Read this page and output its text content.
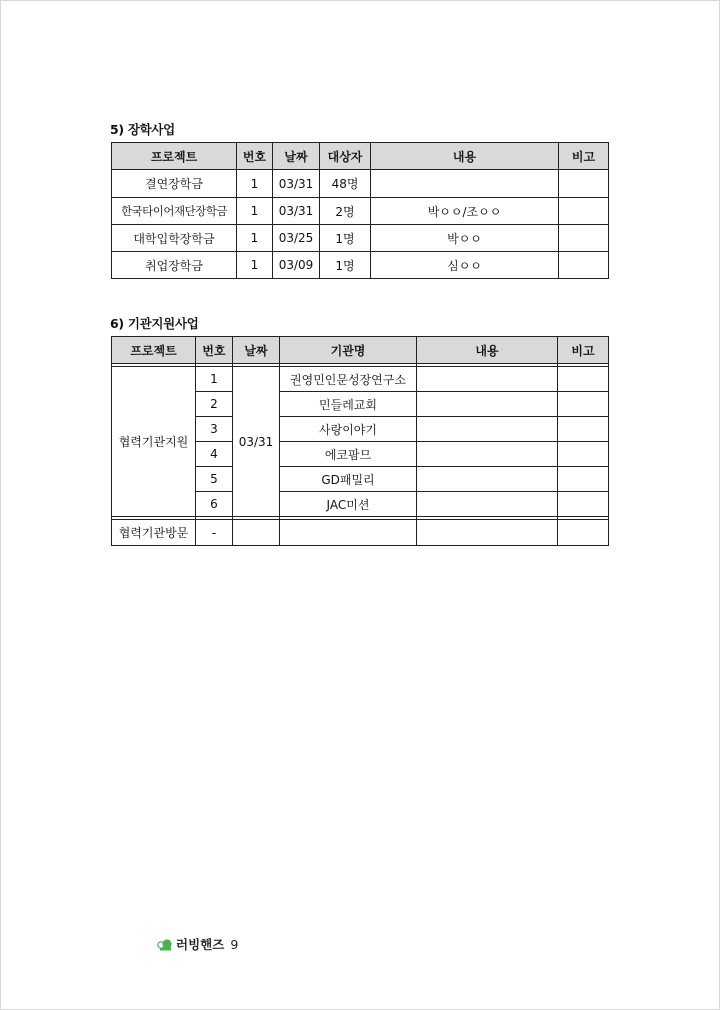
5) 장학사업
프로젝트	번호	날짜	대상자	내용	비고
결연장학금	1	03/31	48명		
한국타이어재단장학금	1	03/31	2명	박ㅇㅇ/조ㅇㅇ	
대학입학장학금	1	03/25	1명	박ㅇㅇ	
취업장학금	1	03/09	1명	심ㅇㅇ	
6) 기관지원사업
프로젝트	번호	날짜	기관명	내용	비고

협력기관지원	1	03/31	권영민인문성장연구소		
	2		민들레교회		
	3		사랑이야기		
	4		에코팜므		
	5		GD패밀리		
	6		JAC미션		

협력기관방문	-				
러빙핸즈 9
